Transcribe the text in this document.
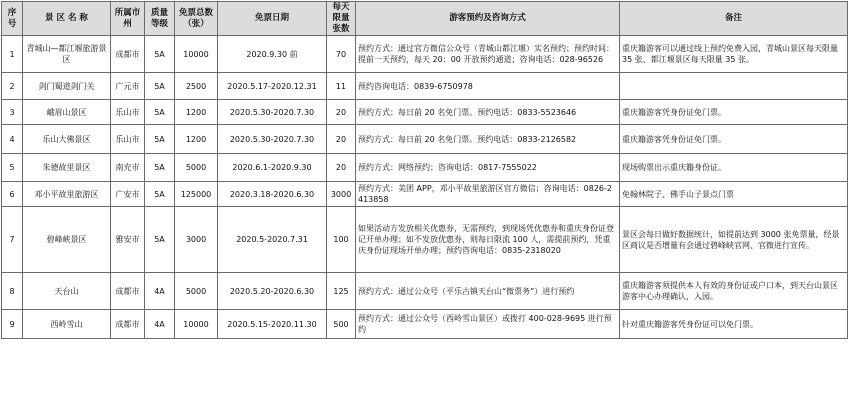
序号	景 区 名 称	所属市州	质量等级	免票总数（张）	免票日期	每天限量张数	游客预约及咨询方式	备注
1	青城山—都江堰旅游景区	成都市	5A	10000	2020.9.30 前	70	预约方式：通过官方微信公众号（青城山都江堰）实名预约；预约时间：提前一天预约，每天 20：00 开放预约通道；咨询电话：028-96526	重庆籍游客可以通过线上预约免费入园，青城山景区每天限量 35 张、都江堰景区每天限量 35 张。
2	剑门蜀道剑门关	广元市	5A	2500	2020.5.17-2020.12.31	11	预约咨询电话：0839-6750978	
3	峨眉山景区	乐山市	5A	1200	2020.5.30-2020.7.30	20	预约方式：每日前 20 名免门票。预约电话：0833-5523646	重庆籍游客凭身份证免门票。
4	乐山大佛景区	乐山市	5A	1200	2020.5.30-2020.7.30	20	预约方式：每日前 20 名免门票。预约电话：0833-2126582	重庆籍游客凭身份证免门票。
5	朱德故里景区	南充市	5A	5000	2020.6.1-2020.9.30	20	预约方式：网络预约；咨询电话：0817-7555022	现场购票出示重庆籍身份证。
6	邓小平故里旅游区	广安市	5A	125000	2020.3.18-2020.6.30	3000	预约方式：美团 APP，邓小平故里旅游区官方微信；咨询电话：0826-2413858	免翰林院子、佛手山子景点门票
7	碧峰峡景区	雅安市	5A	3000	2020.5-2020.7.31	100	如果活动方发放相关优惠券，无需预约，到现场凭优惠券和重庆身份证登记开单办理；如不发放优惠券，则每日限流 100 人，需提前预约，凭重庆身份证现场开单办理；预约咨询电话：0835-2318020	景区会每日做好数据统计，如提前达到 3000 张免票量，经景区商议是否增量有会通过碧峰峡官网、官微进行宣传。
8	天台山	成都市	4A	5000	2020.5.20-2020.6.30	125	预约方式：通过公众号（平乐古镇天台山“微票务”）进行预约	重庆籍游客须提供本人有效的身份证或户口本，到天台山景区游客中心办理确认，入园。
9	西岭雪山	成都市	4A	10000	2020.5.15-2020.11.30	500	预约方式：通过公众号（西岭雪山景区）或拨打 400-028-9695 进行预约	针对重庆籍游客凭身份证可以免门票。
